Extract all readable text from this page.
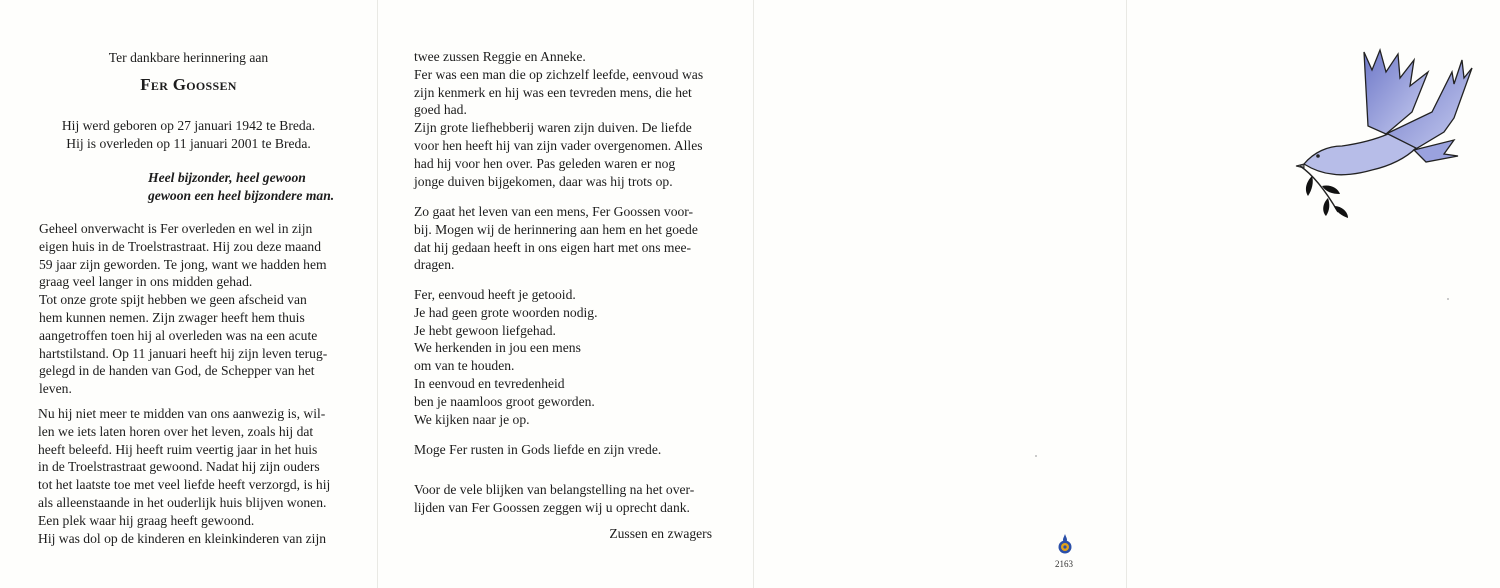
Ter dankbare herinnering aan

Fer Goossen

Hij werd geboren op 27 januari 1942 te Breda.
Hij is overleden op 11 januari 2001 te Breda.
Heel bijzonder, heel gewoon
gewoon een heel bijzondere man.
Geheel onverwacht is Fer overleden en wel in zijn
eigen huis in de Troelstrastraat. Hij zou deze maand
59 jaar zijn geworden. Te jong, want we hadden hem
graag veel langer in ons midden gehad.
Tot onze grote spijt hebben we geen afscheid van
hem kunnen nemen. Zijn zwager heeft hem thuis
aangetroffen toen hij al overleden was na een acute
hartstilstand. Op 11 januari heeft hij zijn leven terug-
gelegd in de handen van God, de Schepper van het
leven.
Nu hij niet meer te midden van ons aanwezig is, wil-
len we iets laten horen over het leven, zoals hij dat
heeft beleefd. Hij heeft ruim veertig jaar in het huis
in de Troelstrastraat gewoond. Nadat hij zijn ouders
tot het laatste toe met veel liefde heeft verzorgd, is hij
als alleenstaande in het ouderlijk huis blijven wonen.
Een plek waar hij graag heeft gewoond.
Hij was dol op de kinderen en kleinkinderen van zijn
twee zussen Reggie en Anneke.
Fer was een man die op zichzelf leefde, eenvoud was
zijn kenmerk en hij was een tevreden mens, die het
goed had.
Zijn grote liefhebberij waren zijn duiven. De liefde
voor hen heeft hij van zijn vader overgenomen. Alles
had hij voor hen over. Pas geleden waren er nog
jonge duiven bijgekomen, daar was hij trots op.
Zo gaat het leven van een mens, Fer Goossen voor-
bij. Mogen wij de herinnering aan hem en het goede
dat hij gedaan heeft in ons eigen hart met ons mee-
dragen.
Fer, eenvoud heeft je getooid.
Je had geen grote woorden nodig.
Je hebt gewoon liefgehad.
We herkenden in jou een mens
om van te houden.
In eenvoud en tevredenheid
ben je naamloos groot geworden.
We kijken naar je op.

Moge Fer rusten in Gods liefde en zijn vrede.

Voor de vele blijken van belangstelling na het over-
lijden van Fer Goossen zeggen wij u oprecht dank.

Zussen en zwagers

2163
